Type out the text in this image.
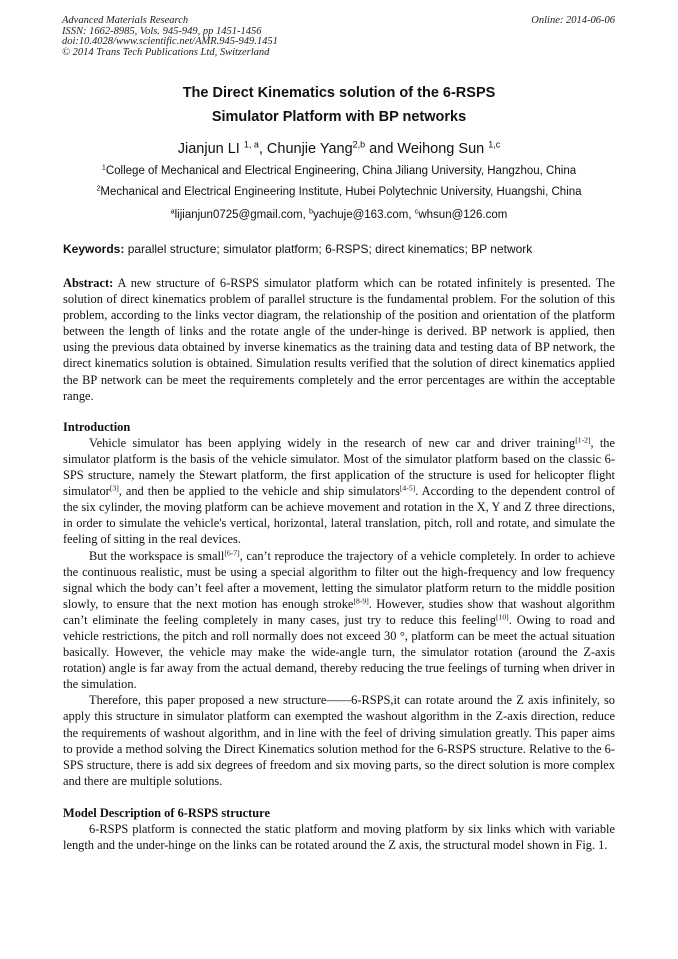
Advanced Materials Research
ISSN: 1662-8985, Vols. 945-949, pp 1451-1456
doi:10.4028/www.scientific.net/AMR.945-949.1451
© 2014 Trans Tech Publications Ltd, Switzerland
Online: 2014-06-06
The Direct Kinematics solution of the 6-RSPS
Simulator Platform with BP networks
Jianjun LI $^{1, a}$, Chunjie Yang$^{2,b}$ and Weihong Sun $^{1,c}$
$^1$College of Mechanical and Electrical Engineering, China Jiliang University, Hangzhou, China
$^2$Mechanical and Electrical Engineering Institute, Hubei Polytechnic University, Huangshi, China
$^a$lijianjun0725@gmail.com, $^b$yachuje@163.com, $^c$whsun@126.com
Keywords: parallel structure; simulator platform; 6-RSPS; direct kinematics; BP network

Abstract: A new structure of 6-RSPS simulator platform which can be rotated infinitely is presented. The solution of direct kinematics problem of parallel structure is the fundamental problem. For the solution of this problem, according to the links vector diagram, the relationship of the position and orientation of the platform between the length of links and the rotate angle of the under-hinge is derived. BP network is applied, then using the previous data obtained by inverse kinematics as the training data and testing data of BP network, the direct kinematics solution is obtained. Simulation results verified that the solution of direct kinematics applied the BP network can be meet the requirements completely and the error percentages are within the acceptable range.

Introduction

Vehicle simulator has been applying widely in the research of new car and driver training[1-2], the simulator platform is the basis of the vehicle simulator. Most of the simulator platform based on the classic 6-SPS structure, namely the Stewart platform, the first application of the structure is used for helicopter flight simulator[3], and then be applied to the vehicle and ship simulators[4-5]. According to the dependent control of the six cylinder, the moving platform can be achieve movement and rotation in the X, Y and Z three directions, in order to simulate the vehicle's vertical, horizontal, lateral translation, pitch, roll and rotate, and simulate the feeling of sitting in the real devices.

But the workspace is small[6-7], can’t reproduce the trajectory of a vehicle completely. In order to achieve the continuous realistic, must be using a special algorithm to filter out the high-frequency and low frequency signal which the body can’t feel after a movement, letting the simulator platform return to the middle position slowly, to ensure that the next motion has enough stroke[8-9]. However, studies show that washout algorithm can’t eliminate the feeling completely in many cases, just try to reduce this feeling[10]. Owing to road and vehicle restrictions, the pitch and roll normally does not exceed 30 °, platform can be meet the actual situation basically. However, the vehicle may make the wide-angle turn, the simulator rotation (around the Z-axis rotation) angle is far away from the actual demand, thereby reducing the true feelings of turning when driver in the simulation.

Therefore, this paper proposed a new structure——6-RSPS,it can rotate around the Z axis infinitely, so apply this structure in simulator platform can exempted the washout algorithm in the Z-axis direction, reduce the requirements of washout algorithm, and in line with the feel of driving simulation greatly. This paper aims to provide a method solving the Direct Kinematics solution method for the 6-RSPS structure. Relative to the 6-SPS structure, there is add six degrees of freedom and six moving parts, so the direct solution is more complex and there are multiple solutions.

Model Description of 6-RSPS structure

6-RSPS platform is connected the static platform and moving platform by six links which with variable length and the under-hinge on the links can be rotated around the Z axis, the structural model shown in Fig. 1.
